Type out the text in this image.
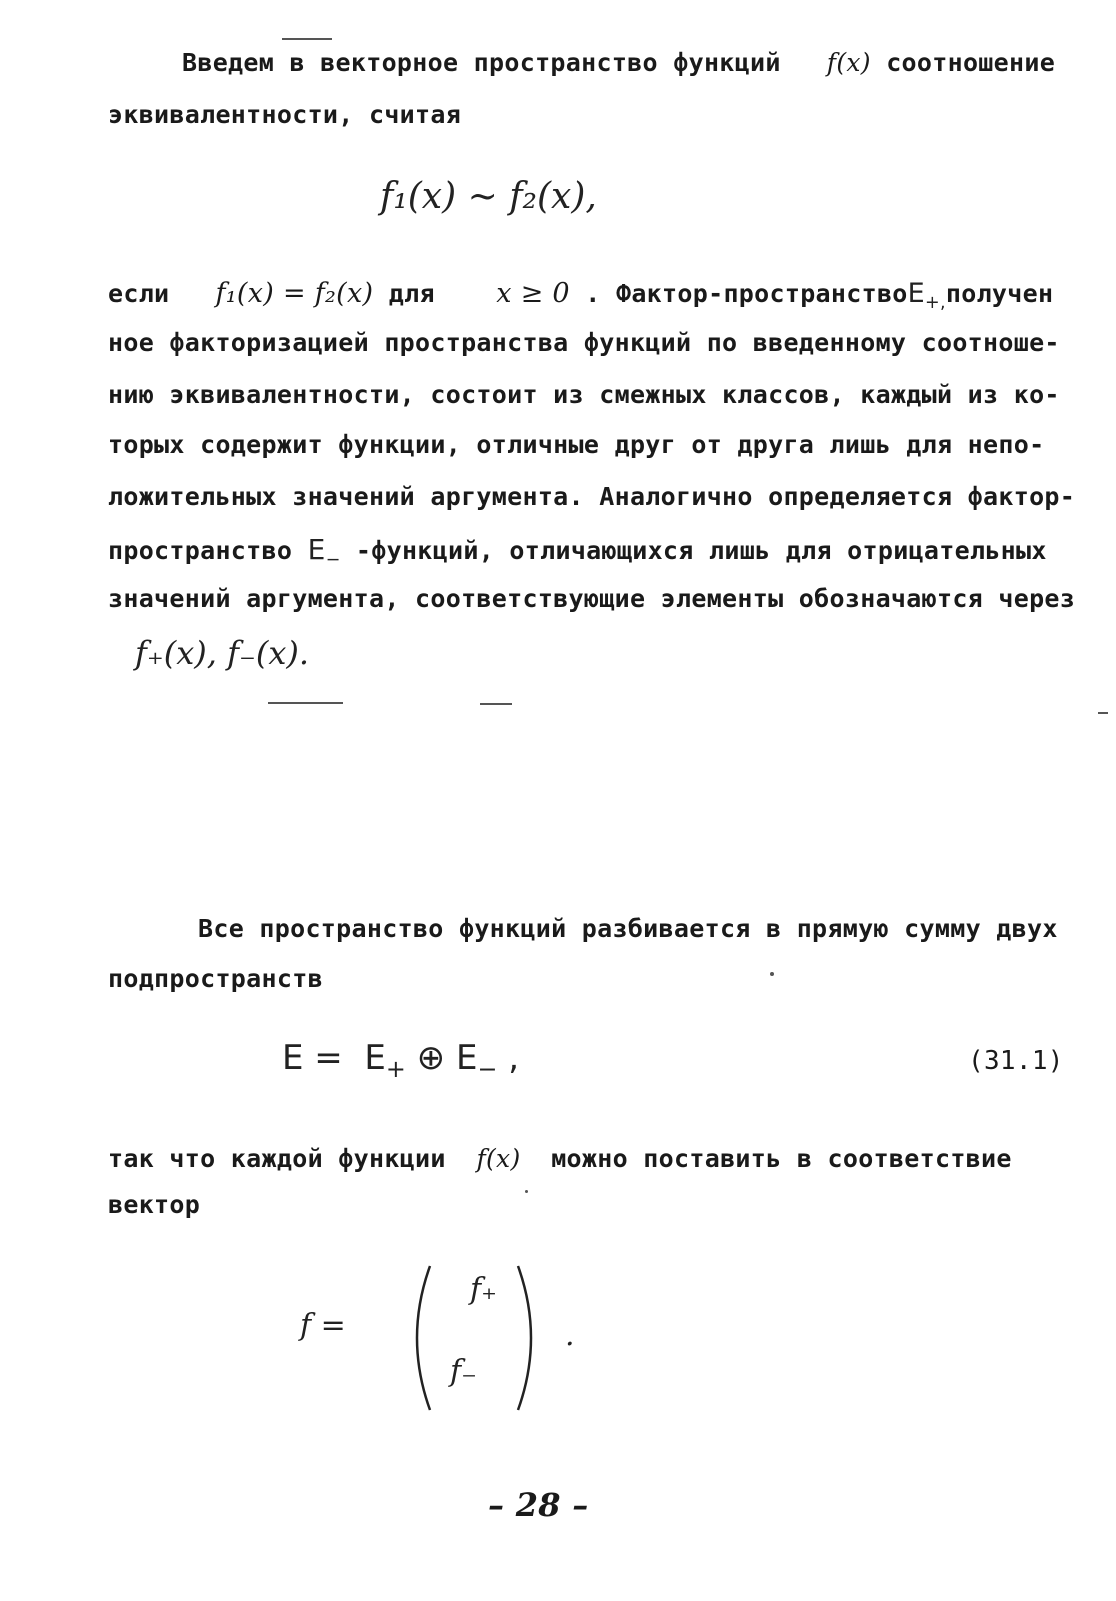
Введем в векторное пространство функций f(x) соотношение
эквивалентности, считая
f₁(x) ~ f₂(x),
если f₁(x) = f₂(x) для x ≥ 0 . Фактор-пространствоE$_{+,}$получен
ное факторизацией пространства функций по введенному соотноше-
нию эквивалентности, состоит из смежных классов, каждый из ко-
торых содержит функции, отличные друг от друга лишь для непо-
ложительных значений аргумента. Аналогично определяется фактор-
пространство $E_-$ -функций, отличающихся лишь для отрицательных
значений аргумента, соответствующие элементы обозначаются через
f₊(x), f₋(x).
Все пространство функций разбивается в прямую сумму двух
подпространств
$E = E_+$ ⊕ $E_-$ ,	(31.1)
так что каждой функции f(x) можно поставить в соответствие
вектор
f =
f₊
f₋
.
– 28 –
